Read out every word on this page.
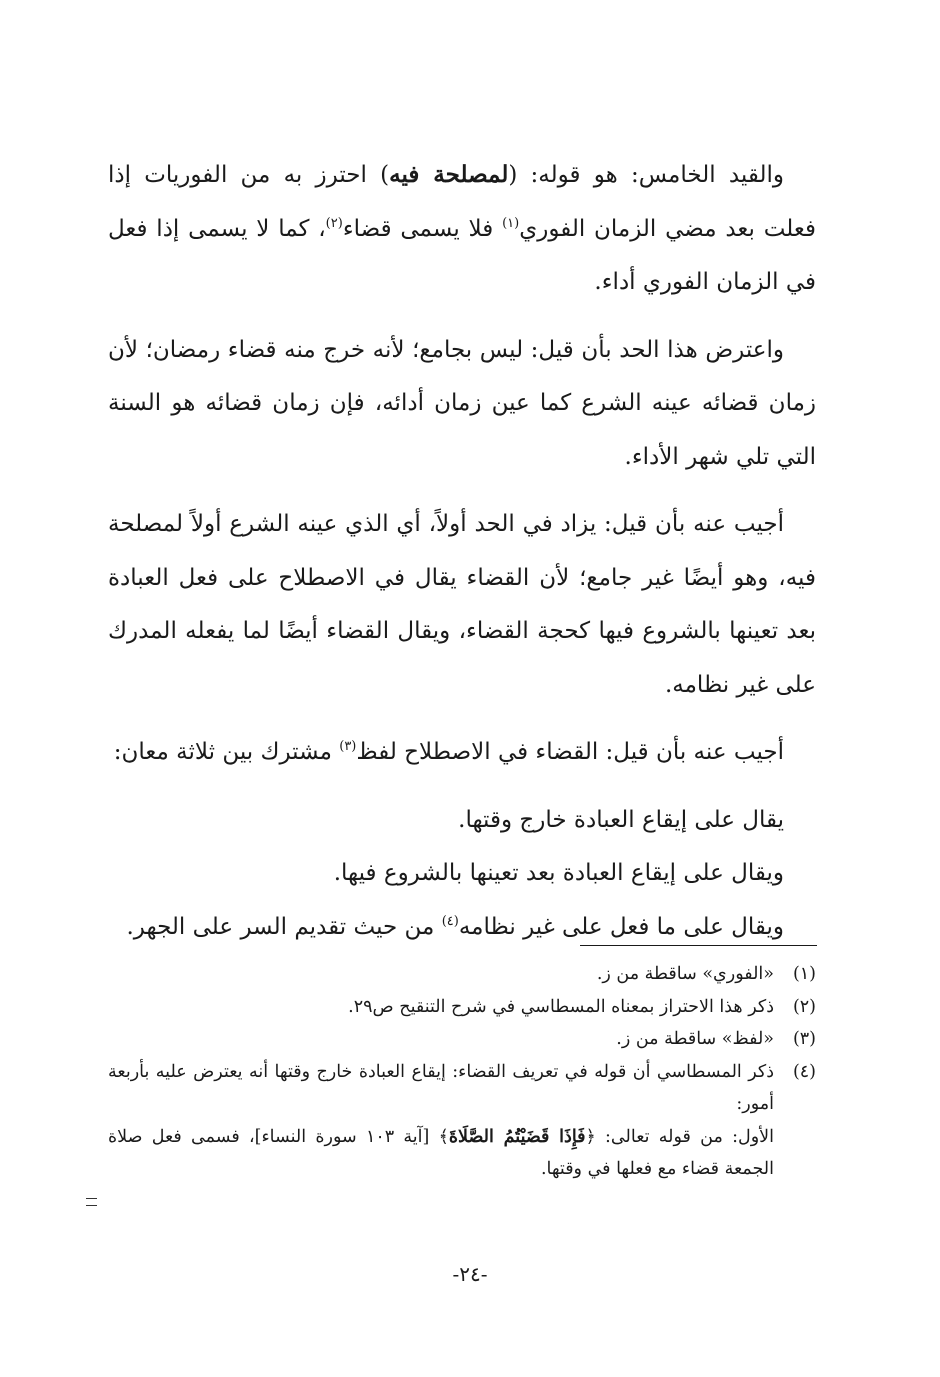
والقيد الخامس: هو قوله: (لمصلحة فيه) احترز به من الفوريات إذا فعلت بعد مضي الزمان الفوري$^{(١)}$ فلا يسمى قضاء$^{(٢)}$، كما لا يسمى إذا فعل في الزمان الفوري أداء.

واعترض هذا الحد بأن قيل: ليس بجامع؛ لأنه خرج منه قضاء رمضان؛ لأن زمان قضائه عينه الشرع كما عين زمان أدائه، فإن زمان قضائه هو السنة التي تلي شهر الأداء.

أجيب عنه بأن قيل: يزاد في الحد أولاً، أي الذي عينه الشرع أولاً لمصلحة فيه، وهو أيضًا غير جامع؛ لأن القضاء يقال في الاصطلاح على فعل العبادة بعد تعينها بالشروع فيها كحجة القضاء، ويقال القضاء أيضًا لما يفعله المدرك على غير نظامه.

أجيب عنه بأن قيل: القضاء في الاصطلاح لفظ$^{(٣)}$ مشترك بين ثلاثة معان:

يقال على إيقاع العبادة خارج وقتها.

ويقال على إيقاع العبادة بعد تعينها بالشروع فيها.

ويقال على ما فعل على غير نظامه$^{(٤)}$ من حيث تقديم السر على الجهر.

(١)
«الفوري» ساقطة من ز.
(٢)
ذكر هذا الاحتراز بمعناه المسطاسي في شرح التنقيح ص٢٩.
(٣)
«لفظ» ساقطة من ز.
(٤)
ذكر المسطاسي أن قوله في تعريف القضاء: إيقاع العبادة خارج وقتها أنه يعترض عليه بأربعة أمور:
الأول: من قوله تعالى: ﴿فَإِذَا قَضَيْتُمُ الصَّلَاةَ﴾ [آية ١٠٣ سورة النساء]، فسمى فعل صلاة الجمعة قضاء مع فعلها في وقتها.
-٢٤-
